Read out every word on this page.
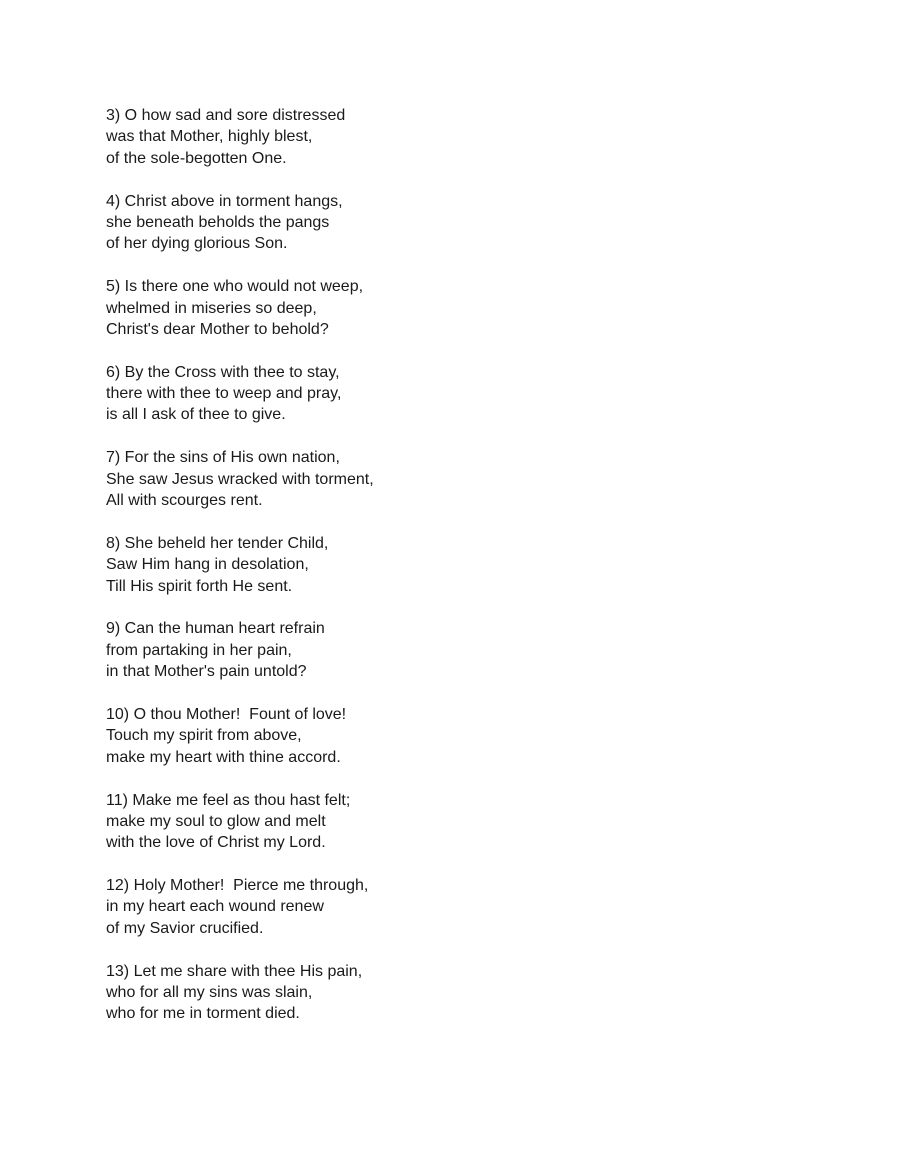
3) O how sad and sore distressed
was that Mother, highly blest,
of the sole-begotten One.
4) Christ above in torment hangs,
she beneath beholds the pangs
of her dying glorious Son.
5) Is there one who would not weep,
whelmed in miseries so deep,
Christ's dear Mother to behold?
6) By the Cross with thee to stay,
there with thee to weep and pray,
is all I ask of thee to give.
7) For the sins of His own nation,
She saw Jesus wracked with torment,
All with scourges rent.
8) She beheld her tender Child,
Saw Him hang in desolation,
Till His spirit forth He sent.
9) Can the human heart refrain
from partaking in her pain,
in that Mother's pain untold?
10) O thou Mother!  Fount of love!
Touch my spirit from above,
make my heart with thine accord.
11) Make me feel as thou hast felt;
make my soul to glow and melt
with the love of Christ my Lord.
12) Holy Mother!  Pierce me through,
in my heart each wound renew
of my Savior crucified.
13) Let me share with thee His pain,
who for all my sins was slain,
who for me in torment died.
